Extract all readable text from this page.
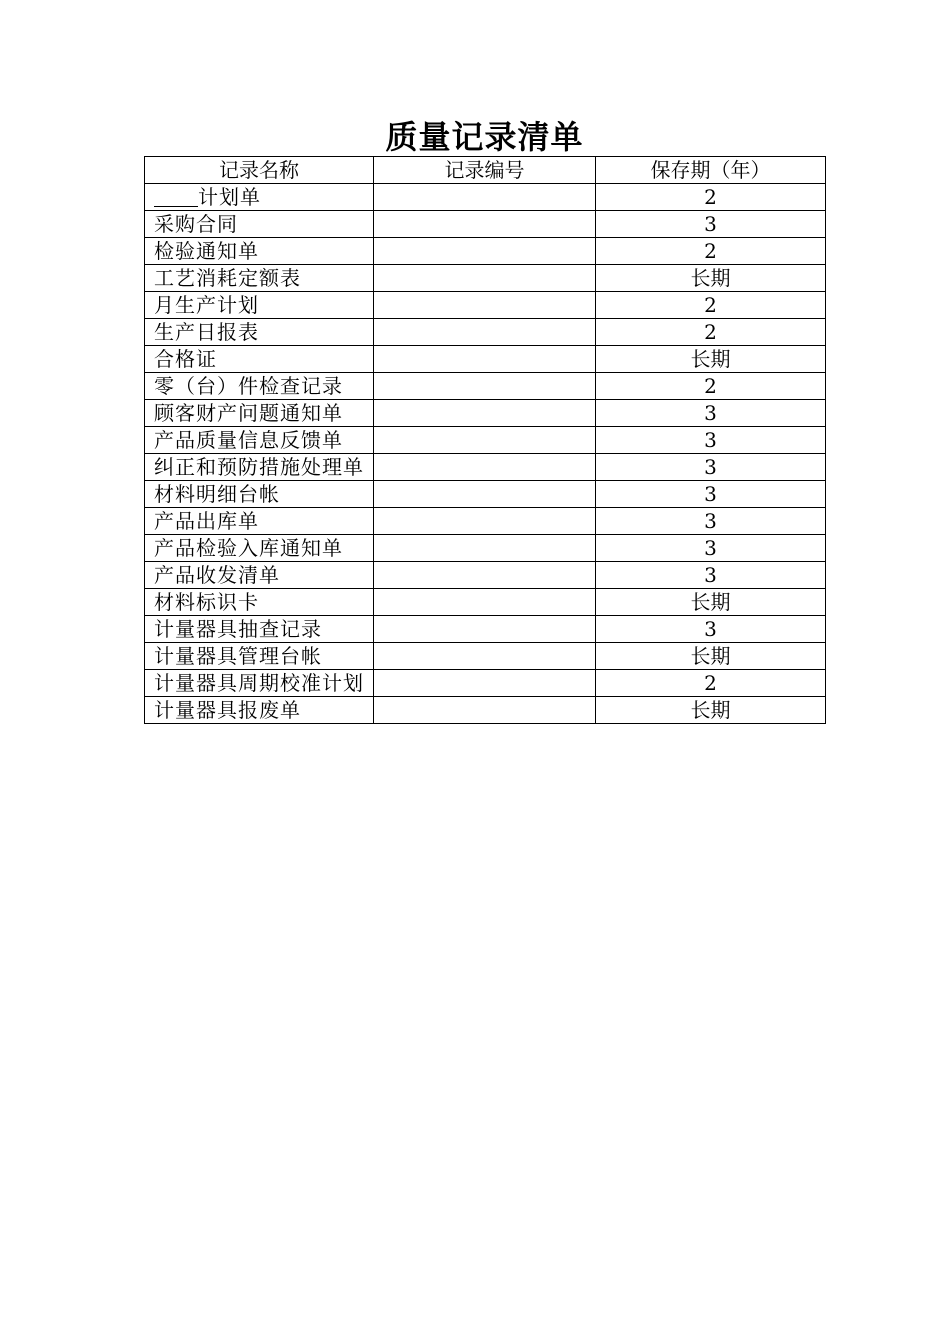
质量记录清单
记录名称	记录编号	保存期（年）
计划单		2
采购合同		3
检验通知单		2
工艺消耗定额表		长期
月生产计划		2
生产日报表		2
合格证		长期
零（台）件检查记录		2
顾客财产问题通知单		3
产品质量信息反馈单		3
纠正和预防措施处理单		3
材料明细台帐		3
产品出库单		3
产品检验入库通知单		3
产品收发清单		3
材料标识卡		长期
计量器具抽查记录		3
计量器具管理台帐		长期
计量器具周期校准计划		2
计量器具报废单		长期
